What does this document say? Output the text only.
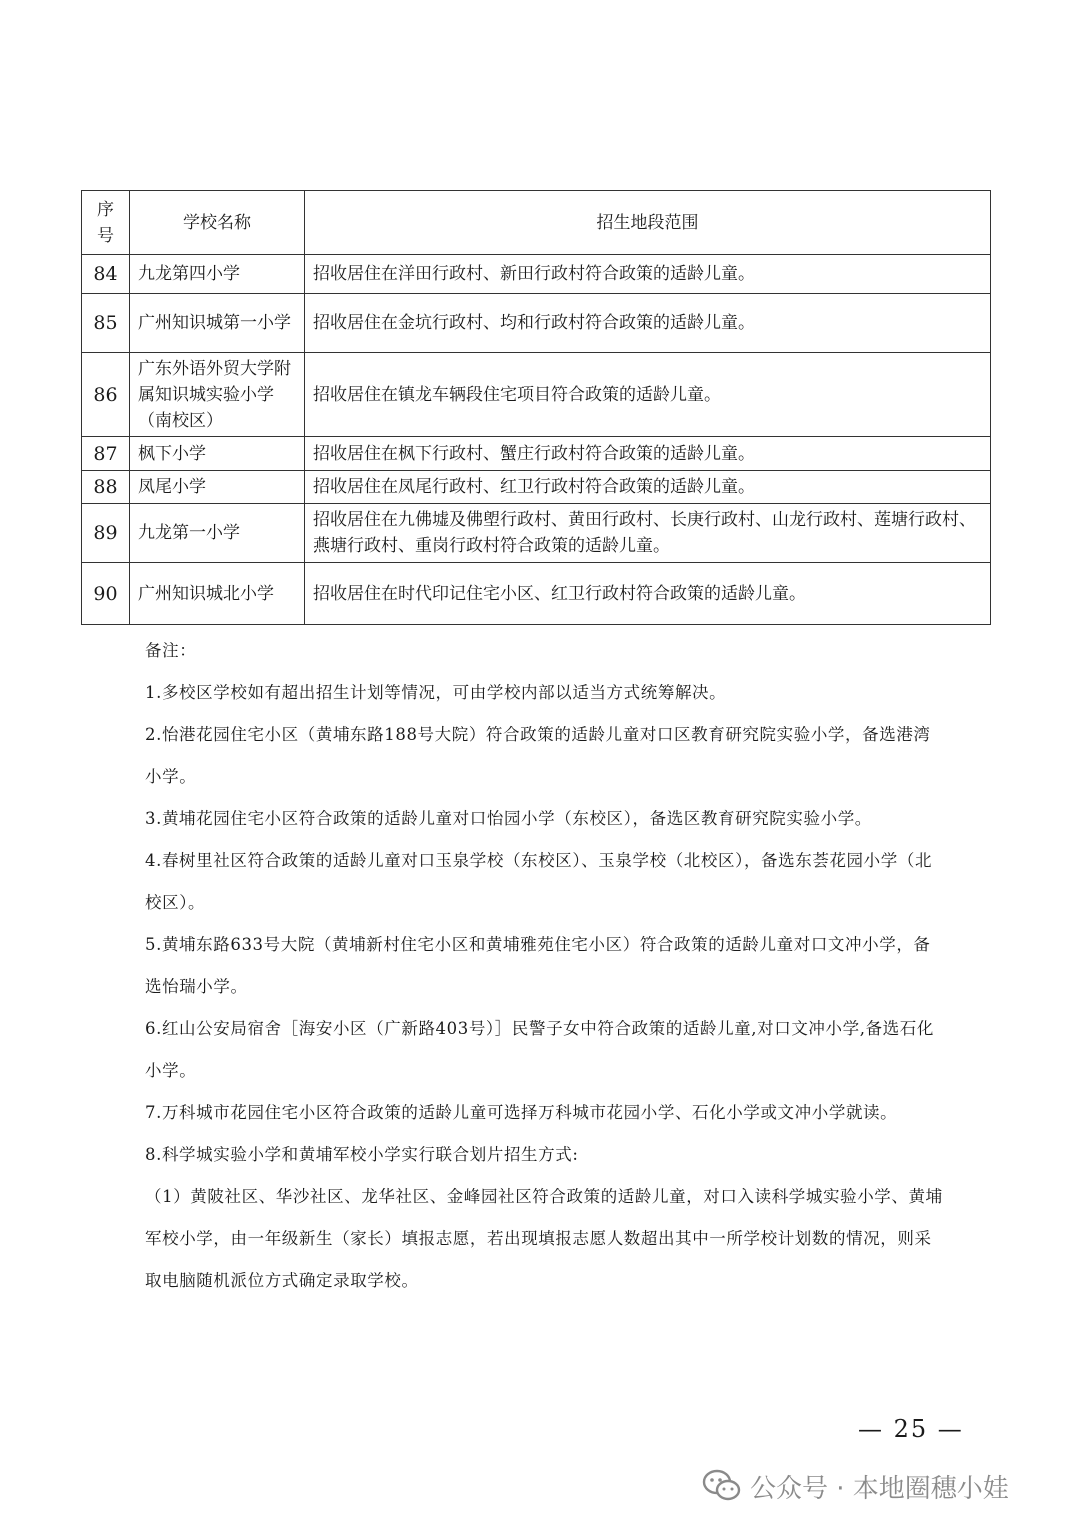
序
号	学校名称	招生地段范围
84	九龙第四小学	招收居住在洋田行政村、新田行政村符合政策的适龄儿童。
85	广州知识城第一小学	招收居住在金坑行政村、均和行政村符合政策的适龄儿童。
86	广东外语外贸大学附属知识城实验小学（南校区）	招收居住在镇龙车辆段住宅项目符合政策的适龄儿童。
87	枫下小学	招收居住在枫下行政村、蟹庄行政村符合政策的适龄儿童。
88	凤尾小学	招收居住在凤尾行政村、红卫行政村符合政策的适龄儿童。
89	九龙第一小学	招收居住在九佛墟及佛塱行政村、黄田行政村、长庚行政村、山龙行政村、莲塘行政村、燕塘行政村、重岗行政村符合政策的适龄儿童。
90	广州知识城北小学	招收居住在时代印记住宅小区、红卫行政村符合政策的适龄儿童。

备注：

1.多校区学校如有超出招生计划等情况，可由学校内部以适当方式统筹解决。

2.怡港花园住宅小区（黄埔东路188号大院）符合政策的适龄儿童对口区教育研究院实验小学，备选港湾小学。

3.黄埔花园住宅小区符合政策的适龄儿童对口怡园小学（东校区），备选区教育研究院实验小学。

4.春树里社区符合政策的适龄儿童对口玉泉学校（东校区）、玉泉学校（北校区），备选东荟花园小学（北校区）。

5.黄埔东路633号大院（黄埔新村住宅小区和黄埔雅苑住宅小区）符合政策的适龄儿童对口文冲小学，备选怡瑞小学。

6.红山公安局宿舍［海安小区（广新路403号）］民警子女中符合政策的适龄儿童,对口文冲小学,备选石化小学。

7.万科城市花园住宅小区符合政策的适龄儿童可选择万科城市花园小学、石化小学或文冲小学就读。

8.科学城实验小学和黄埔军校小学实行联合划片招生方式:

（1）黄陂社区、华沙社区、龙华社区、金峰园社区符合政策的适龄儿童，对口入读科学城实验小学、黄埔军校小学，由一年级新生（家长）填报志愿，若出现填报志愿人数超出其中一所学校计划数的情况，则采取电脑随机派位方式确定录取学校。

— 25 —
公众号 · 本地圈穗小娃
